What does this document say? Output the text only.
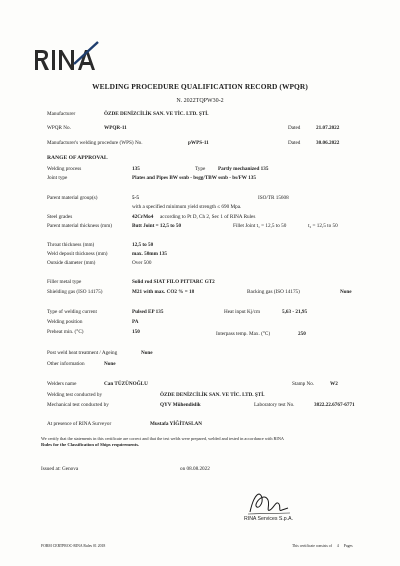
WELDING PROCEDURE QUALIFICATION RECORD (WPQR)
N. 2022TQPW30-2
Manufacturer	ÖZDE DENİZCİLİK SAN. VE TİC. LTD. ŞTİ.
WPQR No.	WPQR-11	Dated	21.07.2022
Manufacturer's welding procedure (WPS) No.	pWPS-11	Dated	30.06.2022
RANGE OF APPROVAL
Welding process	135	Type Partly mechanized 135
Joint type	Plates and Pipes BW ssnb - bsgg/TBW ssnb - bs/FW 135
Parent material group(s)	5-5	ISO/TR 15608
with a specified minimum yield strength ≤ 690 Mpa.
Steel grades	42CrMo4 according to Pt D, Ch 2, Sec 1 of RINA Rules
Parent material thickness (mm)	Butt Joint = 12,5 to 50	Fillet Joint t₁ = 12,5 to 50	t₂ = 12,5 to 50
Throat thickness (mm)	12,5 to 50
Weld deposit thickness (mm)	max. 50mm 135
Outside diameter (mm)	Over 500
Filler metal type	Solid rod SIAT FILO PITTARC GT2
Shielding gas (ISO 14175)	M21 with max. CO2 % = 18	Backing gas (ISO 14175)	None
Type of welding current	Pulsed EP 135	Heat input Kj/cm	5,63 - 21,95
Welding position	PA
Preheat min. (°C)	150	Interpass temp. Max. (°C)	250
Post weld heat treatment / Ageing	None
Other information	None
Welders name	Can TÜZÜNOĞLU	Stamp No.	W2
Welding test conducted by	ÖZDE DENİZCİLİK SAN. VE TİC. LTD. ŞTİ.
Mechanical test conducted by	QYV Mühendislik	Laboratory test No.	3822.22.6767-6771
At presence of RINA Surveyor	Mustafa YİĞİTASLAN
We certify that the statements in this certificate are correct and that the test welds were prepared, welded and tested in accordance with RINA
Rules for the Classification of Ships requirements.
Issued at: Genova	on 08.08.2022
RINA Services S.p.A.
FORM CERTPROC-RINA Rules 01 2018	This certificate consists of 4 Pages
